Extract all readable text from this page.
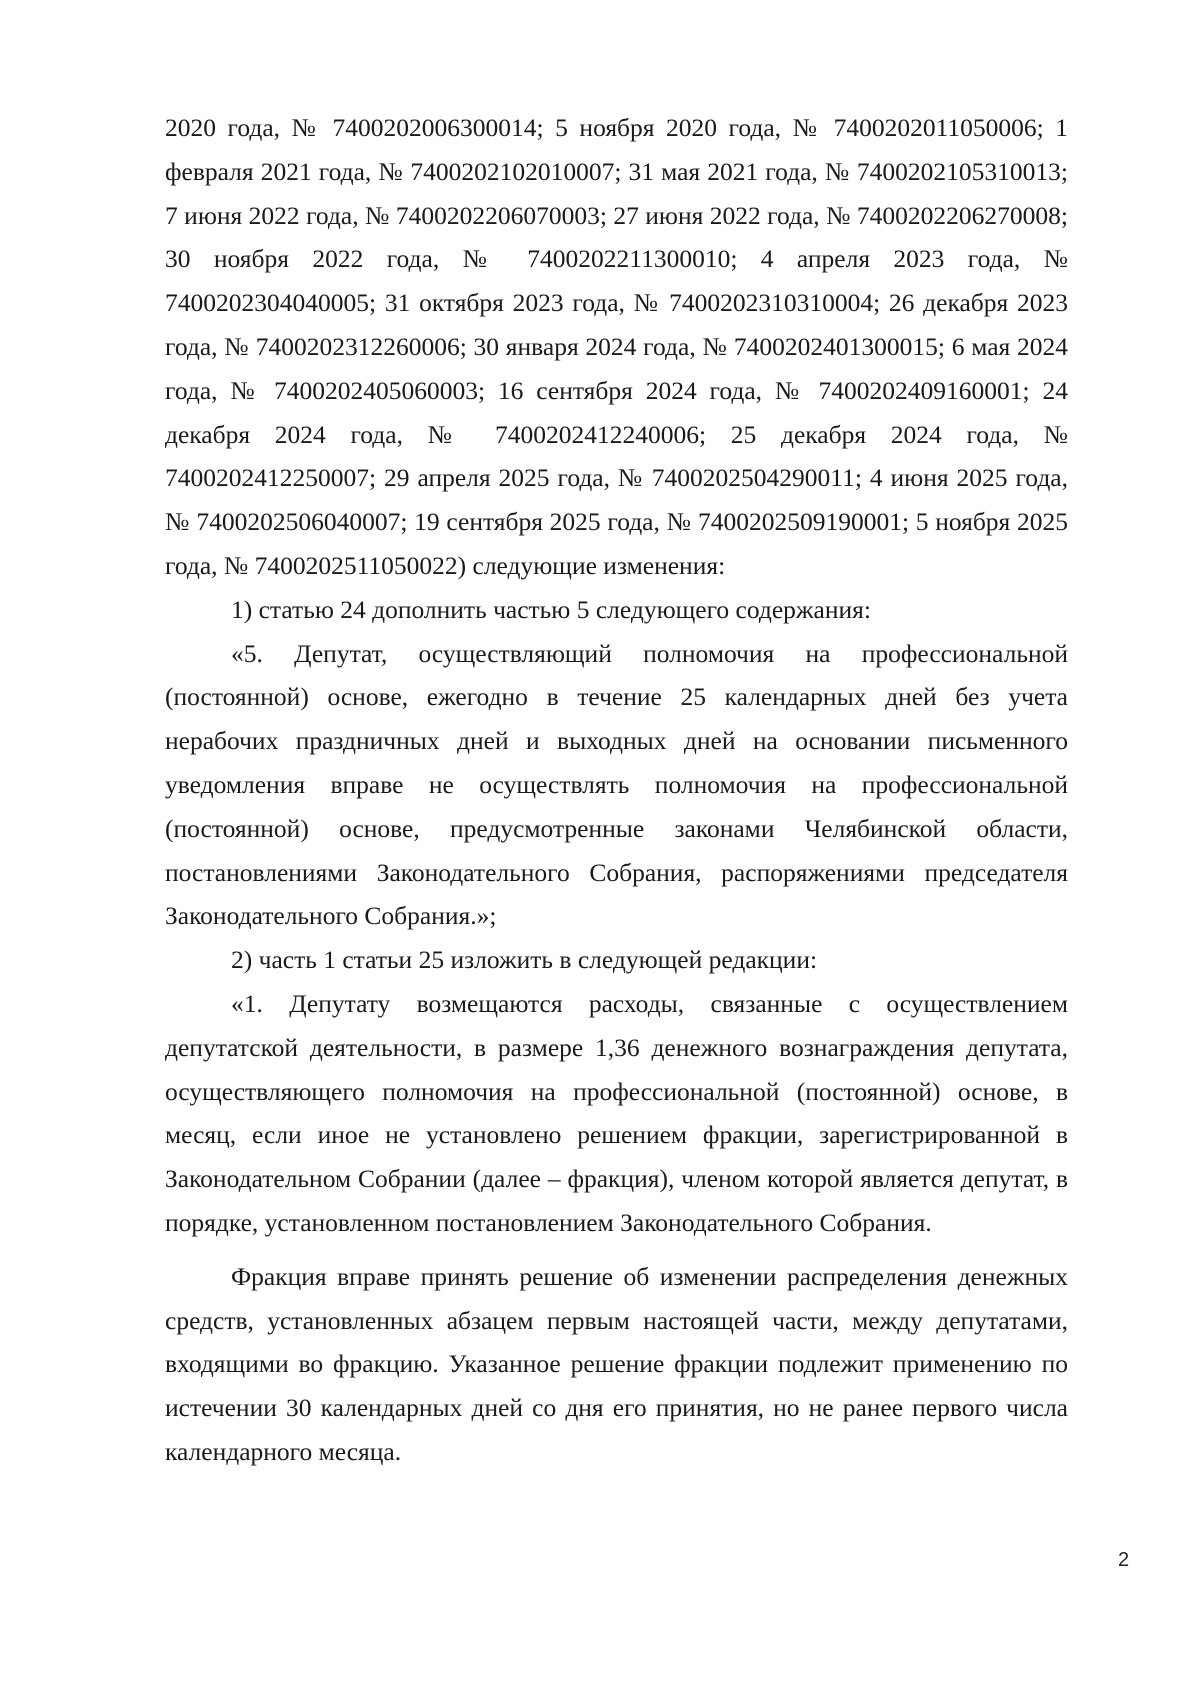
2020 года, № 7400202006300014; 5 ноября 2020 года, № 7400202011050006; 1 февраля 2021 года, № 7400202102010007; 31 мая 2021 года, № 7400202105310013; 7 июня 2022 года, № 7400202206070003; 27 июня 2022 года, № 7400202206270008; 30 ноября 2022 года, № 7400202211300010; 4 апреля 2023 года, № 7400202304040005; 31 октября 2023 года, № 7400202310310004; 26 декабря 2023 года, № 7400202312260006; 30 января 2024 года, № 7400202401300015; 6 мая 2024 года, № 7400202405060003; 16 сентября 2024 года, № 7400202409160001; 24 декабря 2024 года, № 7400202412240006; 25 декабря 2024 года, № 7400202412250007; 29 апреля 2025 года, № 7400202504290011; 4 июня 2025 года, № 7400202506040007; 19 сентября 2025 года, № 7400202509190001; 5 ноября 2025 года, № 7400202511050022) следующие изменения:

1) статью 24 дополнить частью 5 следующего содержания:

«5. Депутат, осуществляющий полномочия на профессиональной (постоянной) основе, ежегодно в течение 25 календарных дней без учета нерабочих праздничных дней и выходных дней на основании письменного уведомления вправе не осуществлять полномочия на профессиональной (постоянной) основе, предусмотренные законами Челябинской области, постановлениями Законодательного Собрания, распоряжениями председателя Законодательного Собрания.»;

2) часть 1 статьи 25 изложить в следующей редакции:

«1. Депутату возмещаются расходы, связанные с осуществлением депутатской деятельности, в размере 1,36 денежного вознаграждения депутата, осуществляющего полномочия на профессиональной (постоянной) основе, в месяц, если иное не установлено решением фракции, зарегистрированной в Законодательном Собрании (далее – фракция), членом которой является депутат, в порядке, установленном постановлением Законодательного Собрания.

Фракция вправе принять решение об изменении распределения денежных средств, установленных абзацем первым настоящей части, между депутатами, входящими во фракцию. Указанное решение фракции подлежит применению по истечении 30 календарных дней со дня его принятия, но не ранее первого числа календарного месяца.

2
